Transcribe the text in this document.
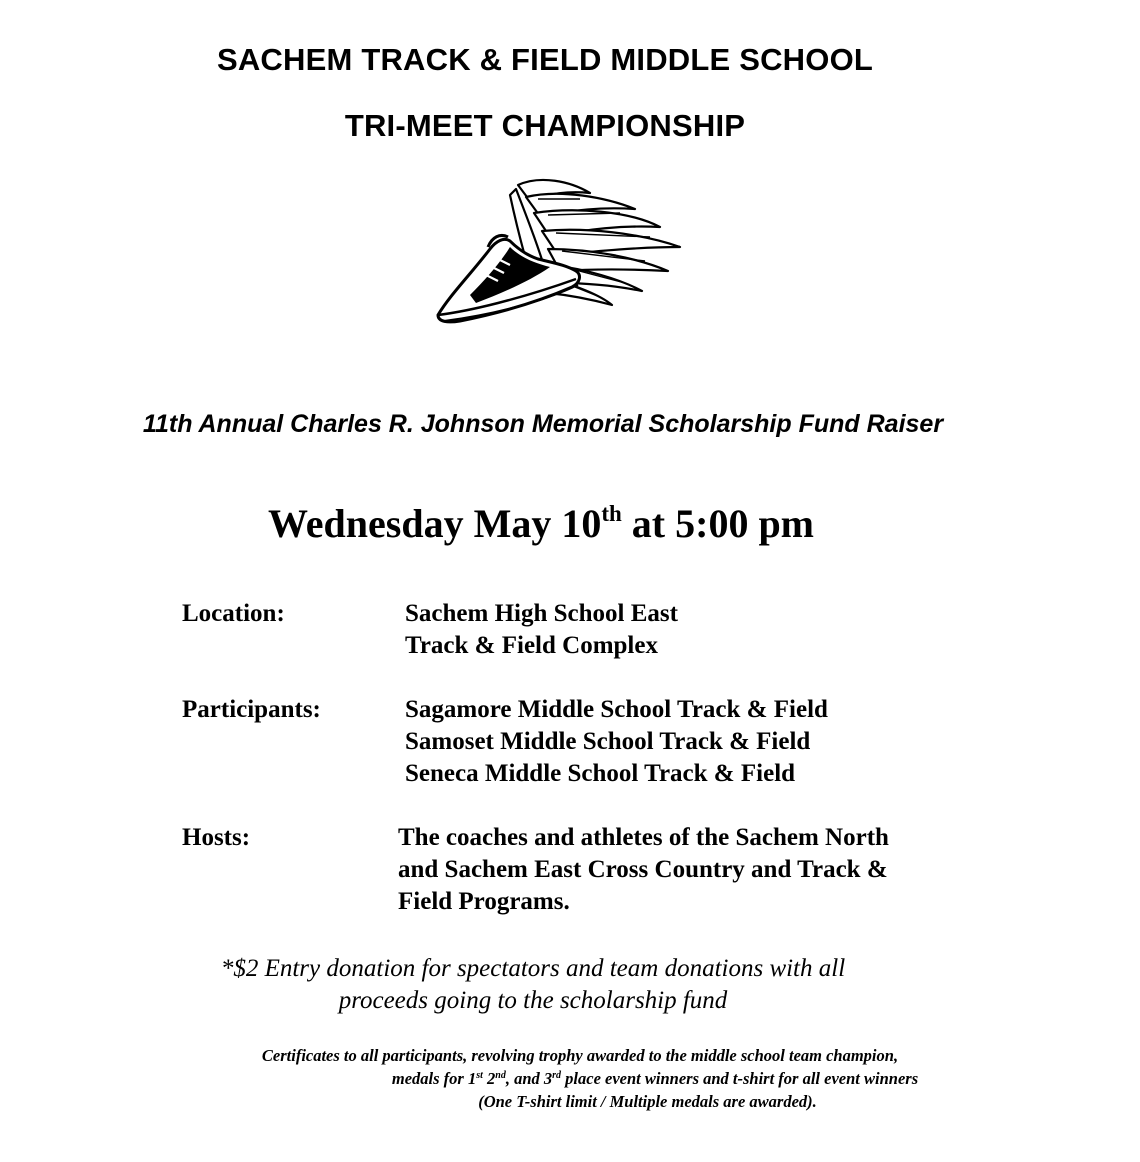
SACHEM TRACK & FIELD MIDDLE SCHOOL
TRI-MEET CHAMPIONSHIP
11th Annual Charles R. Johnson Memorial Scholarship Fund Raiser
Wednesday May 10th at 5:00 pm
Location:	Sachem High School East
Track & Field Complex
Participants:	Sagamore Middle School Track & Field
Samoset Middle School Track & Field
Seneca Middle School Track & Field
Hosts:	The coaches and athletes of the Sachem North
and Sachem East Cross Country and Track &
Field Programs.
*$2 Entry donation for spectators and team donations with all
proceeds going to the scholarship fund
Certificates to all participants, revolving trophy awarded to the middle school team champion,
medals for 1st 2nd, and 3rd place event winners and t-shirt for all event winners
(One T-shirt limit / Multiple medals are awarded).
